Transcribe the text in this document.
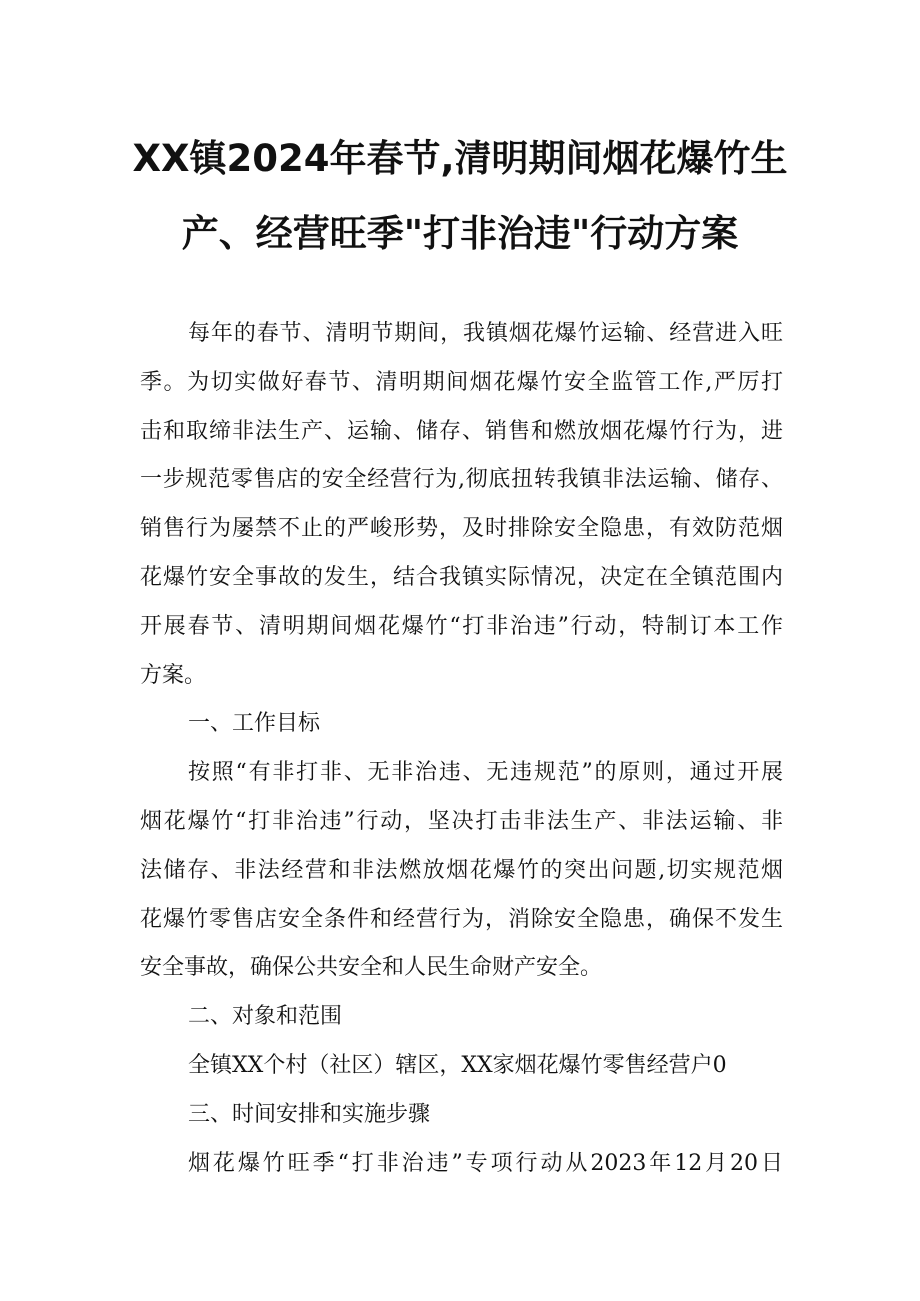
XX镇2024年春节,清明期间烟花爆竹生
产、经营旺季"打非治违"行动方案
每年的春节、清明节期间，我镇烟花爆竹运输、经营进入旺
季。为切实做好春节、清明期间烟花爆竹安全监管工作,严厉打
击和取缔非法生产、运输、储存、销售和燃放烟花爆竹行为，进
一步规范零售店的安全经营行为,彻底扭转我镇非法运输、储存、
销售行为屡禁不止的严峻形势，及时排除安全隐患，有效防范烟
花爆竹安全事故的发生，结合我镇实际情况，决定在全镇范围内
开展春节、清明期间烟花爆竹“打非治违”行动，特制订本工作
方案。
一、工作目标
按照“有非打非、无非治违、无违规范”的原则，通过开展
烟花爆竹“打非治违”行动，坚决打击非法生产、非法运输、非
法储存、非法经营和非法燃放烟花爆竹的突出问题,切实规范烟
花爆竹零售店安全条件和经营行为，消除安全隐患，确保不发生
安全事故，确保公共安全和人民生命财产安全。
二、对象和范围
全镇XX个村（社区）辖区，XX家烟花爆竹零售经营户0
三、时间安排和实施步骤
烟花爆竹旺季“打非治违”专项行动从2023年12月20日
